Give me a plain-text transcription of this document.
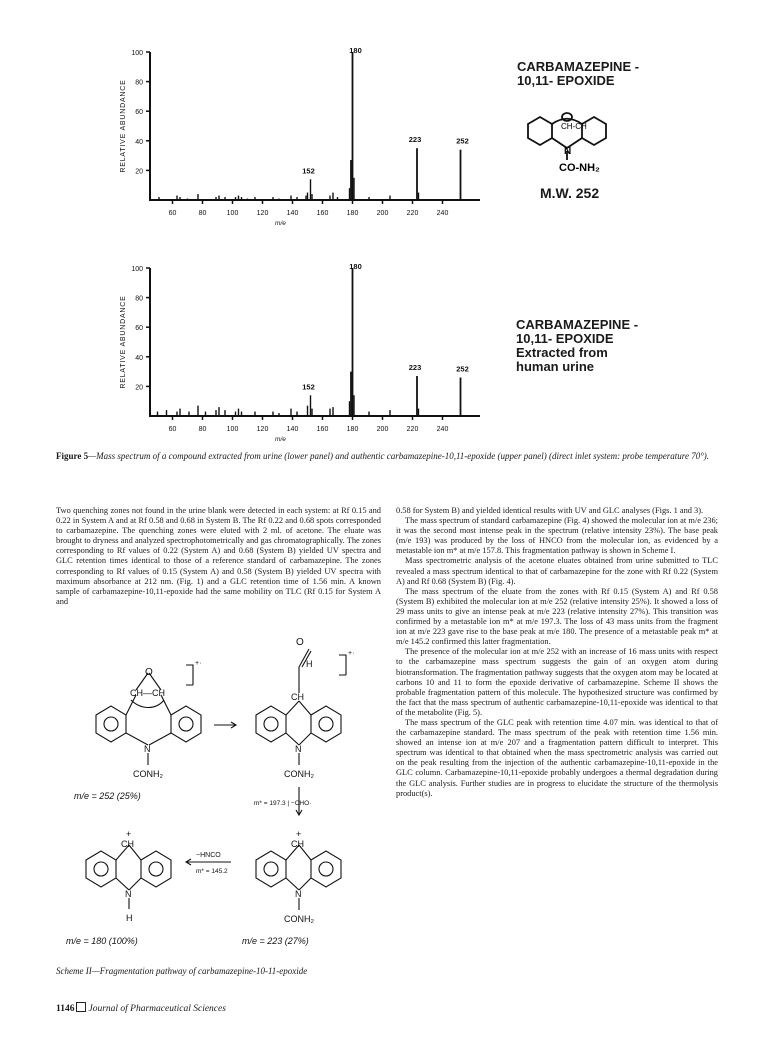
20
40
60
80
100
60	80	100	120	140	160	180	200	220	240
m/e
RELATIVE ABUNDANCE	152
180
223	252
20
40
60
80
100
60	80	100	120	140	160	180	200	220	240
m/e
RELATIVE ABUNDANCE	152
180
223	252
CARBAMAZEPINE -
10,11- EPOXIDE
CH-CH
N
CO-NH₂
M.W. 252
CARBAMAZEPINE -
10,11- EPOXIDE
Extracted from
human urine
Figure 5—Mass spectrum of a compound extracted from urine (lower panel) and authentic carbamazepine-10,11-epoxide (upper panel) (direct inlet system: probe temperature 70°).

Two quenching zones not found in the urine blank were detected in each system: at Rf 0.15 and 0.22 in System A and at Rf 0.58 and 0.68 in System B. The Rf 0.22 and 0.68 spots corresponded to carbamazepine. The quenching zones were eluted with 2 ml. of acetone. The eluate was brought to dryness and analyzed spectrophotometrically and gas chromatographically. The zones corresponding to Rf values of 0.22 (System A) and 0.68 (System B) yielded UV spectra and GLC retention times identical to those of a reference standard of carbamazepine. The zones corresponding to Rf values of 0.15 (System A) and 0.58 (System B) yielded UV spectra with maximum absorbance at 212 nm. (Fig. 1) and a GLC retention time of 1.56 min. A known sample of carbamazepine-10,11-epoxide had the same mobility on TLC (Rf 0.15 for System A and

O
CH—CH
N
CONH₂
+·
m/e = 252 (25%)
O
H
CH
N
CONH₂
+·
m* = 197.3 | −CHO·
+
CH
N
CONH₂
m/e = 223 (27%)
−HNCO
m* = 145.2
+
CH
N
H
m/e = 180 (100%)
Scheme II—Fragmentation pathway of carbamazepine-10-11-epoxide

0.58 for System B) and yielded identical results with UV and GLC analyses (Figs. 1 and 3).

The mass spectrum of standard carbamazepine (Fig. 4) showed the molecular ion at m/e 236; it was the second most intense peak in the spectrum (relative intensity 23%). The base peak (m/e 193) was produced by the loss of HNCO from the molecular ion, as evidenced by a metastable ion m* at m/e 157.8. This fragmentation pathway is shown in Scheme I.

Mass spectrometric analysis of the acetone eluates obtained from urine submitted to TLC revealed a mass spectrum identical to that of carbamazepine for the zone with Rf 0.22 (System A) and Rf 0.68 (System B) (Fig. 4).

The mass spectrum of the eluate from the zones with Rf 0.15 (System A) and Rf 0.58 (System B) exhibited the molecular ion at m/e 252 (relative intensity 25%). It showed a loss of 29 mass units to give an intense peak at m/e 223 (relative intensity 27%). This transition was confirmed by a metastable ion m* at m/e 197.3. The loss of 43 mass units from the fragment ion at m/e 223 gave rise to the base peak at m/e 180. The presence of a metastable peak m* at m/e 145.2 confirmed this latter fragmentation.

The presence of the molecular ion at m/e 252 with an increase of 16 mass units with respect to the carbamazepine mass spectrum suggests the gain of an oxygen atom during biotransformation. The fragmentation pathway suggests that the oxygen atom may be located at carbons 10 and 11 to form the epoxide derivative of carbamazepine. Scheme II shows the probable fragmentation pattern of this molecule. The hypothesized structure was confirmed by the fact that the mass spectrum of authentic carbamazepine-10,11-epoxide was identical to that of the metabolite (Fig. 5).

The mass spectrum of the GLC peak with retention time 4.07 min. was identical to that of the carbamazepine standard. The mass spectrum of the peak with retention time 1.56 min. showed an intense ion at m/e 207 and a fragmentation pattern difficult to interpret. This spectrum was identical to that obtained when the mass spectrometric analysis was carried out on the peak resulting from the injection of the authentic carbamazepine-10,11-epoxide in the GLC column. Carbamazepine-10,11-epoxide probably undergoes a thermal degradation during the GLC analysis. Further studies are in progress to elucidate the structure of the thermolysis product(s).

1146 Journal of Pharmaceutical Sciences
